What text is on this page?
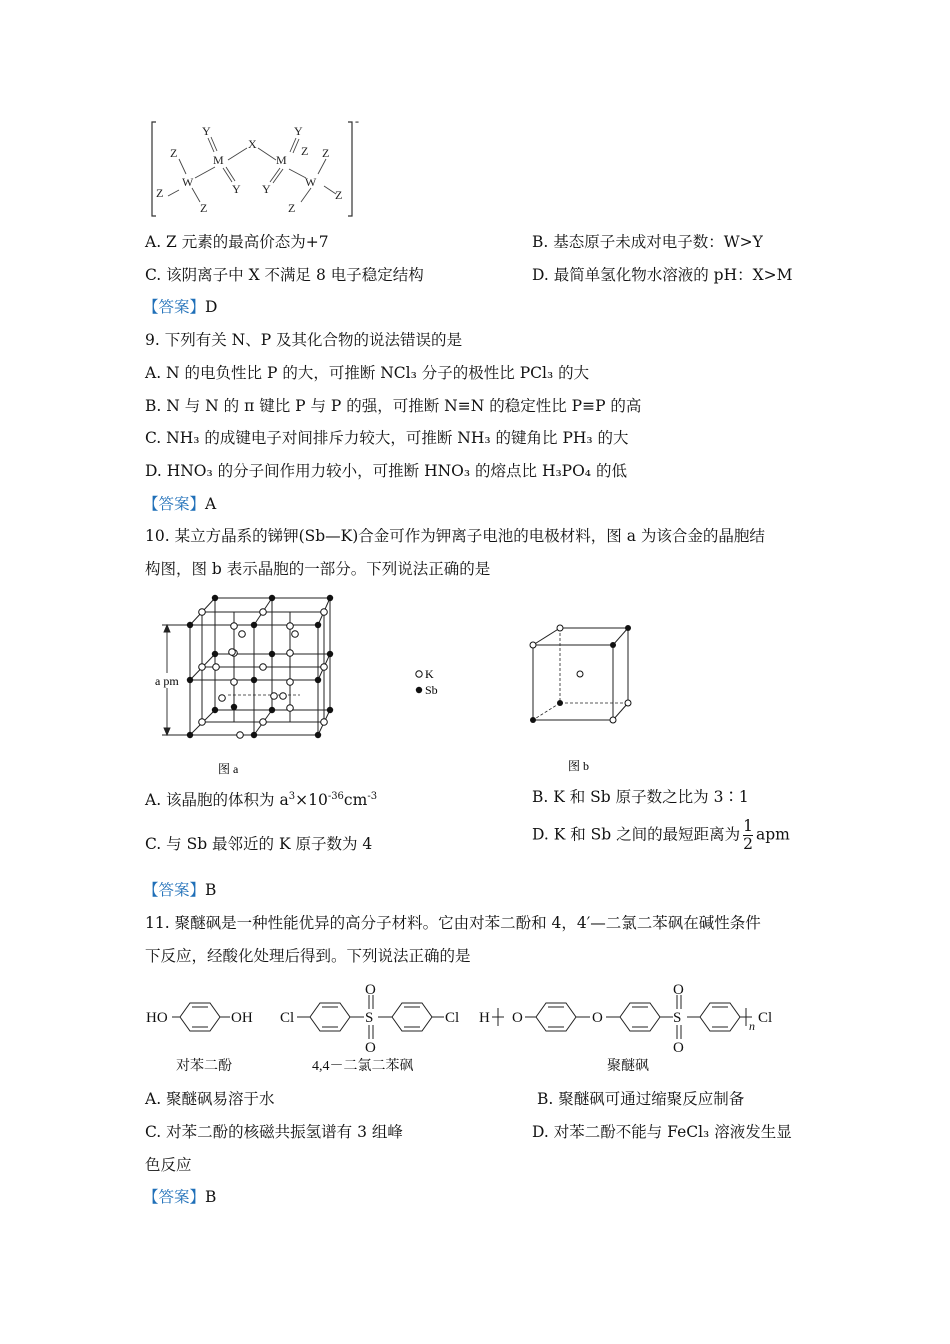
-
Y
Z	M
X
M
Y
Z
Z
W	Y Y	W
Z
Z	Z
Z
A. Z 元素的最高价态为+7	B. 基态原子未成对电子数：W>Y
C. 该阴离子中 X 不满足 8 电子稳定结构	D. 最简单氢化物水溶液的 pH：X>M
【答案】D
9. 下列有关 N、P 及其化合物的说法错误的是
A. N 的电负性比 P 的大，可推断 NCl₃ 分子的极性比 PCl₃ 的大
B. N 与 N 的 π 键比 P 与 P 的强，可推断 N≡N 的稳定性比 P≡P 的高
C. NH₃ 的成键电子对间排斥力较大，可推断 NH₃ 的键角比 PH₃ 的大
D. HNO₃ 的分子间作用力较小，可推断 HNO₃ 的熔点比 H₃PO₄ 的低
【答案】A
10. 某立方晶系的锑钾(Sb—K)合金可作为钾离子电池的电极材料，图 a 为该合金的晶胞结
构图，图 b 表示晶胞的一部分。下列说法正确的是
a pm
图 a
K
Sb
图 b
A. 该晶胞的体积为 $a^3\times 10^{-36}cm^{-3}$	B. K 和 Sb 原子数之比为 3∶1
C. 与 Sb 最邻近的 K 原子数为 4
D. K 和 Sb 之间的最短距离为 $\frac{1}{2}$ apm
【答案】B
11. 聚醚砜是一种性能优异的高分子材料。它由对苯二酚和 4，4′—二氯二苯砜在碱性条件
下反应，经酸化处理后得到。下列说法正确的是
HO	OH Cl	S
O
O
Cl H O	O	S
O
O
n Cl
对苯二酚	4,4－二氯二苯砜	聚醚砜
A. 聚醚砜易溶于水	B. 聚醚砜可通过缩聚反应制备
C. 对苯二酚的核磁共振氢谱有 3 组峰	D. 对苯二酚不能与 FeCl₃ 溶液发生显
色反应
【答案】B
